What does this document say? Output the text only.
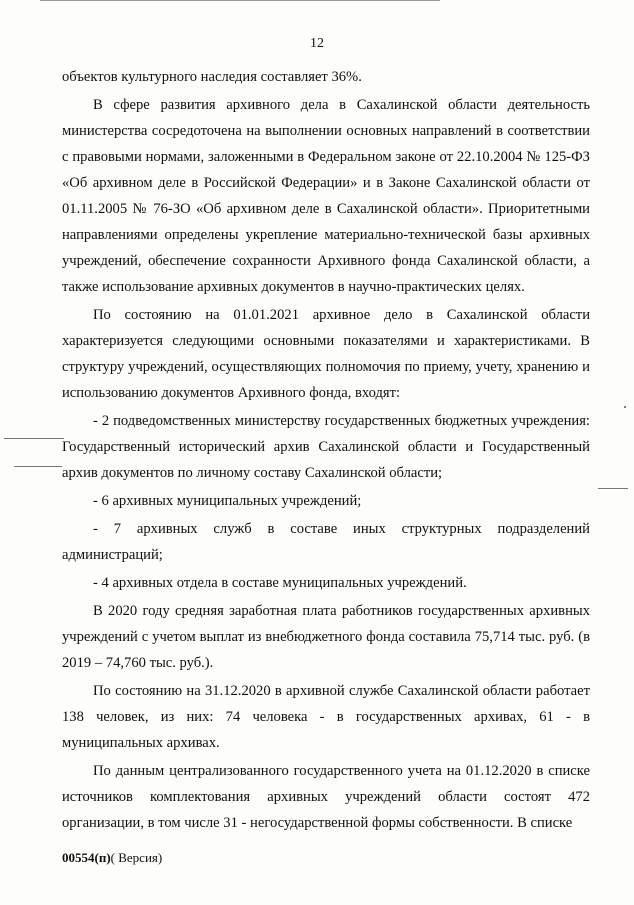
12

объектов культурного наследия составляет 36%.

В сфере развития архивного дела в Сахалинской области деятельность министерства сосредоточена на выполнении основных направлений в соответствии с правовыми нормами, заложенными в Федеральном законе от 22.10.2004 № 125-ФЗ «Об архивном деле в Российской Федерации» и в Законе Сахалинской области от 01.11.2005 № 76-ЗО «Об архивном деле в Сахалинской области». Приоритетными направлениями определены укрепление материально-технической базы архивных учреждений, обеспечение сохранности Архивного фонда Сахалинской области, а также использование архивных документов в научно-практических целях.

По состоянию на 01.01.2021 архивное дело в Сахалинской области характеризуется следующими основными показателями и характеристиками. В структуру учреждений, осуществляющих полномочия по приему, учету, хранению и использованию документов Архивного фонда, входят:

- 2 подведомственных министерству государственных бюджетных учреждения: Государственный исторический архив Сахалинской области и Государственный архив документов по личному составу Сахалинской области;

- 6 архивных муниципальных учреждений;

- 7 архивных служб в составе иных структурных подразделений администраций;

- 4 архивных отдела в составе муниципальных учреждений.

В 2020 году средняя заработная плата работников государственных архивных учреждений с учетом выплат из внебюджетного фонда составила 75,714 тыс. руб. (в 2019 – 74,760 тыс. руб.).

По состоянию на 31.12.2020 в архивной службе Сахалинской области работает 138 человек, из них: 74 человека - в государственных архивах, 61 - в муниципальных архивах.

По данным централизованного государственного учета на 01.12.2020 в списке источников комплектования архивных учреждений области состоят 472 организации, в том числе 31 - негосударственной формы собственности. В списке

00554(п)( Версия)
